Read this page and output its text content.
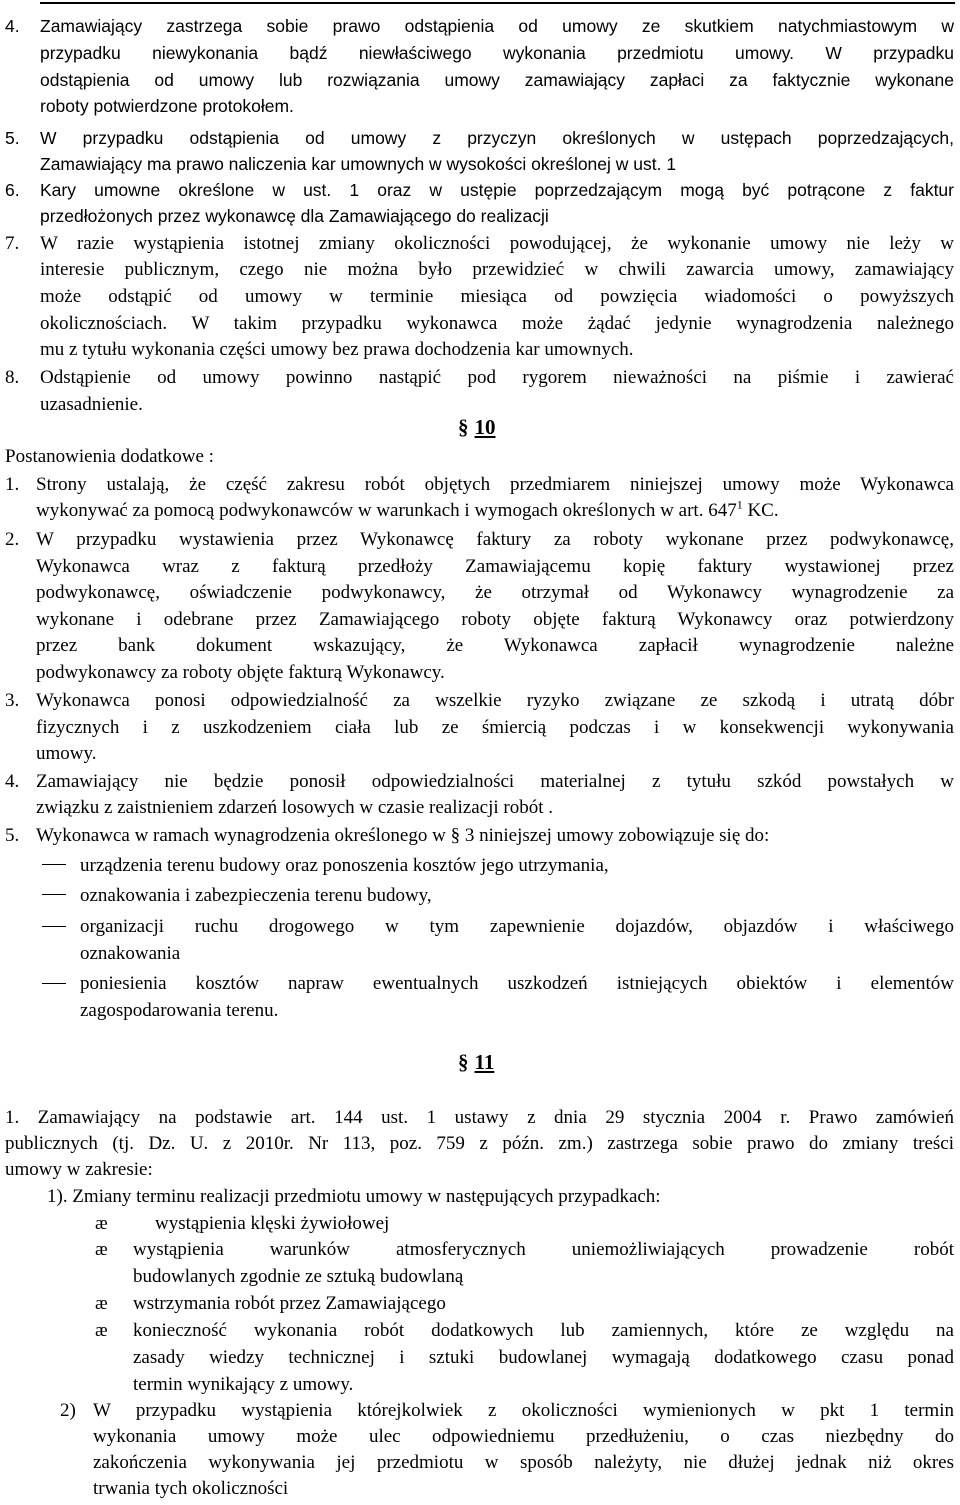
4. Zamawiający zastrzega sobie prawo odstąpienia od umowy ze skutkiem natychmiastowym w
przypadku niewykonania bądź niewłaściwego wykonania przedmiotu umowy. W przypadku
odstąpienia od umowy lub rozwiązania umowy zamawiający zapłaci za faktycznie wykonane
roboty potwierdzone protokołem.
5. W przypadku odstąpienia od umowy z przyczyn określonych w ustępach poprzedzających,
Zamawiający ma prawo naliczenia kar umownych w wysokości określonej w ust. 1
6. Kary umowne określone w ust. 1 oraz w ustępie poprzedzającym mogą być potrącone z faktur
przedłożonych przez wykonawcę dla Zamawiającego do realizacji
7. W razie wystąpienia istotnej zmiany okoliczności powodującej, że wykonanie umowy nie leży w
interesie publicznym, czego nie można było przewidzieć w chwili zawarcia umowy, zamawiający
może odstąpić od umowy w terminie miesiąca od powzięcia wiadomości o powyższych
okolicznościach. W takim przypadku wykonawca może żądać jedynie wynagrodzenia należnego
mu z tytułu wykonania części umowy bez prawa dochodzenia kar umownych.
8. Odstąpienie od umowy powinno nastąpić pod rygorem nieważności na piśmie i zawierać
uzasadnienie.
§ 10
Postanowienia dodatkowe :
1. Strony ustalają, że część zakresu robót objętych przedmiarem niniejszej umowy może Wykonawca
wykonywać za pomocą podwykonawców w warunkach i wymogach określonych w art. $647^1$ KC.
2. W przypadku wystawienia przez Wykonawcę faktury za roboty wykonane przez podwykonawcę,
Wykonawca wraz z fakturą przedłoży Zamawiającemu kopię faktury wystawionej przez
podwykonawcę, oświadczenie podwykonawcy, że otrzymał od Wykonawcy wynagrodzenie za
wykonane i odebrane przez Zamawiającego roboty objęte fakturą Wykonawcy oraz potwierdzony
przez bank dokument wskazujący, że Wykonawca zapłacił wynagrodzenie należne
podwykonawcy za roboty objęte fakturą Wykonawcy.
3. Wykonawca ponosi odpowiedzialność za wszelkie ryzyko związane ze szkodą i utratą dóbr
fizycznych i z uszkodzeniem ciała lub ze śmiercią podczas i w konsekwencji wykonywania
umowy.
4. Zamawiający nie będzie ponosił odpowiedzialności materialnej z tytułu szkód powstałych w
związku z zaistnieniem zdarzeń losowych w czasie realizacji robót .
5. Wykonawca w ramach wynagrodzenia określonego w § 3 niniejszej umowy zobowiązuje się do:
urządzenia terenu budowy oraz ponoszenia kosztów jego utrzymania,
oznakowania i zabezpieczenia terenu budowy,
organizacji ruchu drogowego w tym zapewnienie dojazdów, objazdów i właściwego
oznakowania
poniesienia kosztów napraw ewentualnych uszkodzeń istniejących obiektów i elementów
zagospodarowania terenu.
§ 11
1. Zamawiający na podstawie art. 144 ust. 1 ustawy z dnia 29 stycznia 2004 r. Prawo zamówień
publicznych (tj. Dz. U. z 2010r. Nr 113, poz. 759 z późn. zm.) zastrzega sobie prawo do zmiany treści
umowy w zakresie:
1). Zmiany terminu realizacji przedmiotu umowy w następujących przypadkach:
æ wystąpienia klęski żywiołowej
æ wystąpienia warunków atmosferycznych uniemożliwiających prowadzenie robót
budowlanych zgodnie ze sztuką budowlaną
æ wstrzymania robót przez Zamawiającego
æ konieczność wykonania robót dodatkowych lub zamiennych, które ze względu na
zasady wiedzy technicznej i sztuki budowlanej wymagają dodatkowego czasu ponad
termin wynikający z umowy.
2) W przypadku wystąpienia którejkolwiek z okoliczności wymienionych w pkt 1 termin
wykonania umowy może ulec odpowiedniemu przedłużeniu, o czas niezbędny do
zakończenia wykonywania jej przedmiotu w sposób należyty, nie dłużej jednak niż okres
trwania tych okoliczności
